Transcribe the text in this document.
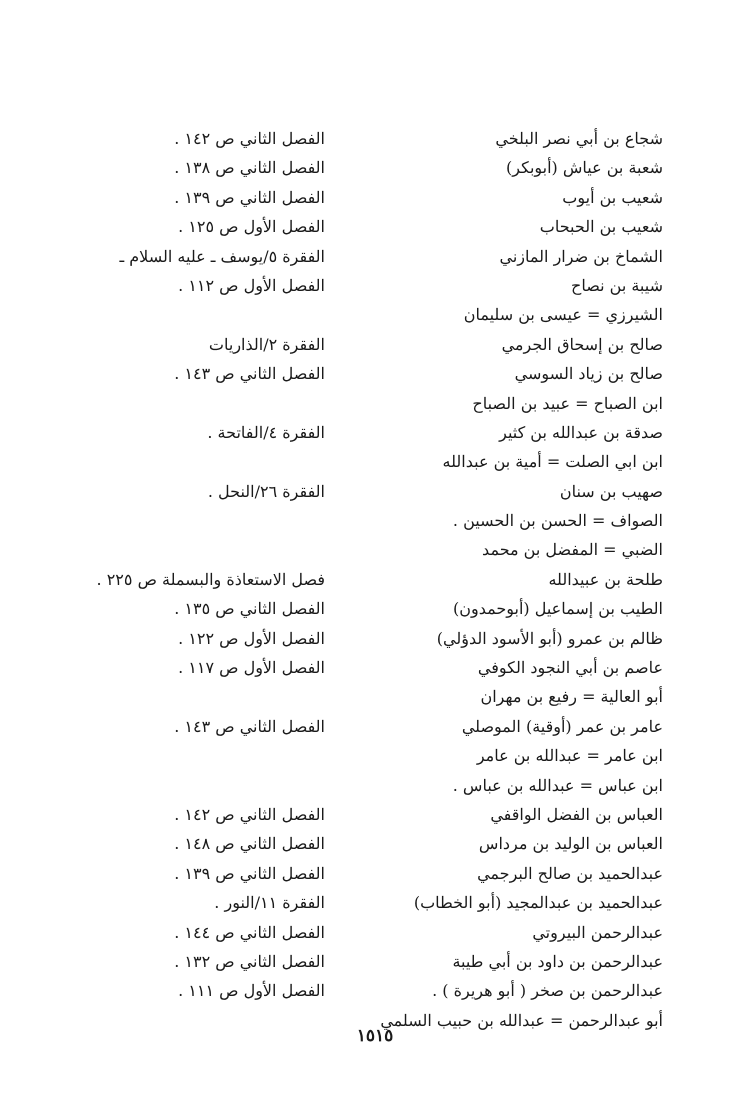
شجاع بن أبي نصر البلخي
الفصل الثاني ص ١٤٢ .
شعبة بن عياش (أبوبكر)
الفصل الثاني ص ١٣٨ .
شعيب بن أيوب
الفصل الثاني ص ١٣٩ .
شعيب بن الحبحاب
الفصل الأول ص ١٢٥ .
الشماخ بن ضرار المازني
الفقرة ٥/يوسف ـ عليه السلام ـ
شيبة بن نصاح
الفصل الأول ص ١١٢ .
الشيرزي = عيسى بن سليمان
صالح بن إسحاق الجرمي
الفقرة ٢/الذاريات
صالح بن زياد السوسي
الفصل الثاني ص ١٤٣ .
ابن الصباح = عبيد بن الصباح
صدقة بن عبدالله بن كثير
الفقرة ٤/الفاتحة .
ابن ابي الصلت = أمية بن عبدالله
صهيب بن سنان
الفقرة ٢٦/النحل .
الصواف = الحسن بن الحسين .
الضبي = المفضل بن محمد
طلحة بن عبيدالله
فصل الاستعاذة والبسملة ص ٢٢٥ .
الطيب بن إسماعيل (أبوحمدون)
الفصل الثاني ص ١٣٥ .
ظالم بن عمرو (أبو الأسود الدؤلي)
الفصل الأول ص ١٢٢ .
عاصم بن أبي النجود الكوفي
الفصل الأول ص ١١٧ .
أبو العالية = رفيع بن مهران
عامر بن عمر (أوقية) الموصلي
الفصل الثاني ص ١٤٣ .
ابن عامر = عبدالله بن عامر
ابن عباس = عبدالله بن عباس .
العباس بن الفضل الواقفي
الفصل الثاني ص ١٤٢ .
العباس بن الوليد بن مرداس
الفصل الثاني ص ١٤٨ .
عبدالحميد بن صالح البرجمي
الفصل الثاني ص ١٣٩ .
عبدالحميد بن عبدالمجيد (أبو الخطاب)
الفقرة ١١/النور .
عبدالرحمن البيروتي
الفصل الثاني ص ١٤٤ .
عبدالرحمن بن داود بن أبي طيبة
الفصل الثاني ص ١٣٢ .
عبدالرحمن بن صخر ( أبو هريرة ) .
الفصل الأول ص ١١١ .
أبو عبدالرحمن = عبدالله بن حبيب السلمي
١٥١٥
